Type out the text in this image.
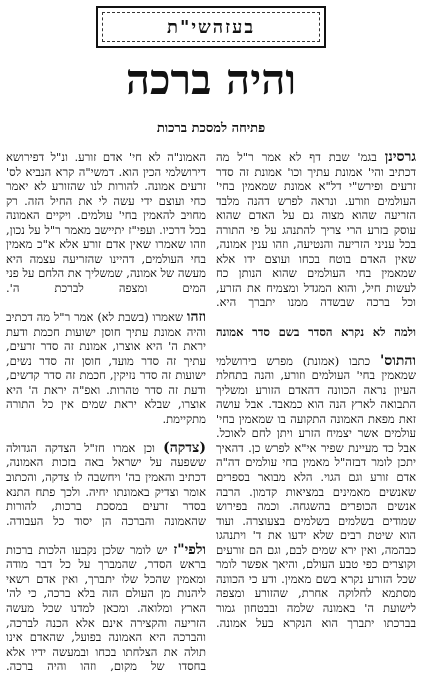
בעזהשי"ת
והיה ברכה
פתיחה למסכת ברכות

גרסינן בגמ' שבת דף לא אמר ר"ל מה דכתיב והי' אמונת עתיך וכו' אמונת זה סדר זרעים ופירש"י דל"א אמונת שמאמין בחי' העולמים וזורע. ונראה לפרש דהנה מלבד הזריעה שהוא מצוה גם על האדם שהוא עוסק בזרע הרי צריך להתנהג על פי התורה בכל עניני הזריעה והנטיעה, וזהו ענין אמונה, שאין האדם בוטח בכחו ועוצם ידו אלא שמאמין בחי העולמים שהוא הנותן כח לעשות חיל, והוא המגדל ומצמיח את הזרע, וכל ברכה שבשדה ממנו יתברך היא.

ולמה לא נקרא הסדר בשם סדר אמונה

והתוס' כתבו (אמונת) מפרש בירושלמי שמאמין בחי' העולמים וזורע, והנה בתחלת העיון נראה הכוונה דהאדם הזורע ומשליך התבואה לארץ הנה הוא כמאבד. אבל עושה זאת מפאת האמונה התקועה בו שמאמין בחי' עולמים אשר יצמיח הזרע ויתן לחם לאוכל. אבל כד מעיינת שפיר אי"א לפרש כן. דהאיך יתכן לומר דבזה"ל מאמין בחי עולמים דה"ה אדם זורע וגם הגוי. הלא מבואר בספרים שאנשים מאמינים במציאות קדמון. הרבה אנשים הכופרים בהשגחה. וכמה בפירוש שמודים בשלמים בשלמים בצעוצרה. ועוד הוא שיטת רבים שלא ידעו את ד' ויתנהגו כבהמה, ואין ירא שמים לבם, וגם הם זורעים וקוצרים כפי טבע העולם, והיאך אפשר לומר שכל הזורע נקרא בשם מאמין. ודע כי הכוונה מסתמא לחלוקה אחרת, שהזורע ומצפה לישועת ה' באמונה שלמה ובבטחון גמור בברכתו יתברך הוא הנקרא בעל אמונה.

האמונ"ה לא חי' אדם זורע. ונ"ל דפירושא דירושלמי הכין הוא. דמשי"ה קרא הנביא לס' זרעים אמונה. להורות לנו שהזורע לא יאמר כחי ועוצם ידי עשה לי את החיל הזה. רק מחויב להאמין בחי' עולמים. ויקיים האמונה בכל דרכיו. ועפי"ז יתיישב מאמר ר"ל על נכון, וזהו שאמרו שאין אדם זורע אלא א"כ מאמין בחי העולמים, דהיינו שהזריעה עצמה היא מעשה של אמונה, שמשליך את הלחם על פני המים ומצפה לברכת ה'.

וזהו שאמרו (בשבת לא) אמר ר"ל מה דכתיב והיה אמונת עתיך חוסן ישועות חכמת ודעת יראת ה' היא אוצרו, אמונת זה סדר זרעים, עתיך זה סדר מועד, חוסן זה סדר נשים, ישועות זה סדר נזיקין, חכמת זה סדר קדשים, ודעת זה סדר טהרות. ואפ"ה יראת ה' היא אוצרו, שבלא יראת שמים אין כל התורה מתקיימת.

(צדקה) וכן אמרו חז"ל הצדקה הגדולה ששפעה על ישראל באה בזכות האמונה, דכתיב והאמין בה' ויחשבה לו צדקה, והכתוב אומר וצדיק באמונתו יחיה. ולכך פתח התנא בסדר זרעים במסכת ברכות, להורות שהאמונה והברכה הן יסוד כל העבודה.

ולפי"ז יש לומר שלכן נקבעו הלכות ברכות בראש הסדר, שהמברך על כל דבר מודה ומאמין שהכל שלו יתברך, ואין אדם רשאי ליהנות מן העולם הזה בלא ברכה, כי לה' הארץ ומלואה. ומכאן למדנו שכל מעשה הזריעה והקצירה אינם אלא הכנה לברכה, והברכה היא האמונה בפועל, שהאדם אינו תולה את הצלחתו בכחו ובמעשה ידיו אלא בחסדו של מקום, וזהו והיה ברכה.
